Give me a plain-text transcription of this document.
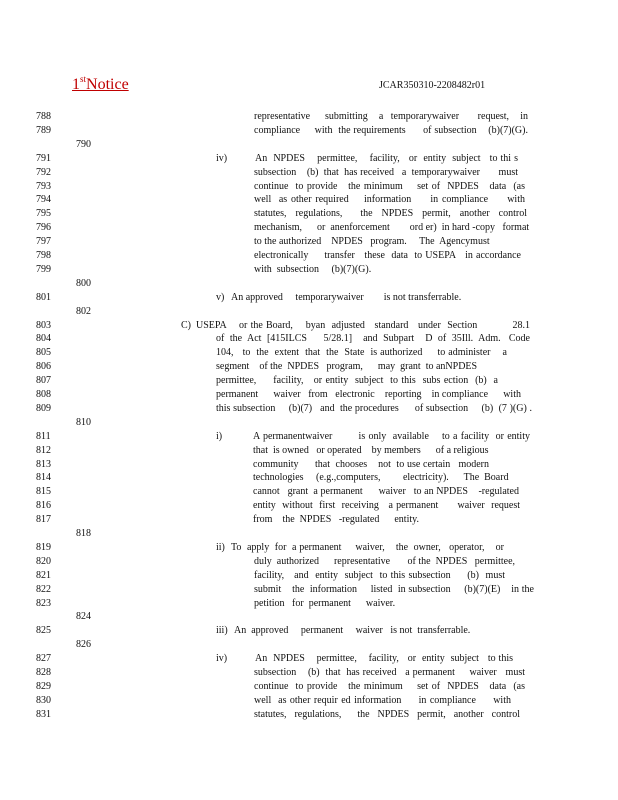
1stNotice	JCAR350310-2208482r01
788	representative    submitting   a  temporarywaiver     request,   in
789	compliance     with  the requirements      of subsection    (b)(7)(G).
790
791	iv)	An  NPDES    permittee,    facility,   or  entity  subject   to thi s
792	subsection    (b)  that  has received   a  temporarywaiver       must
793	continue  to provide   the minimum    set of  NPDES   data  (as
794	well  as other required    information     in compliance     with
795	statutes,  regulations,    the  NPDES  permit,  another  control
796	mechanism,      or  anenforcement        ord er)  in hard -copy   format
797	to the authorized    NPDES   program.     The  Agencymust
798	electronically     transfer   these  data  to USEPA   in accordance
799	with  subsection     (b)(7)(G).
800
801	v) An approved     temporarywaiver        is not transferrable.
802
803	C) USEPA    or the Board,    byan  adjusted   standard   under  Section           28.1
804	of  the  Act  [415ILCS      5/28.1]    and  Subpart    D  of  35Ill.  Adm.   Code
805	104,   to  the  extent  that  the  State  is authorized     to administer    a
806	segment    of the  NPDES   program,      may  grant  to anNPDES
807	permittee,     facility,   or entity  subject  to this  subs ection  (b)  a
808	permanent      waiver   from   electronic    reporting    in compliance      with
809	this subsection     (b)(7)   and  the procedures      of subsection     (b)  (7 )(G) .
810
811	i)	A permanentwaiver        is only  available    to a facility  or entity
812	that  is owned   or operated    by members      of a religious
813	community      that  chooses    not  to use certain   modern
814	technologies     (e.g.,computers,         electricity).      The  Board
815	cannot   grant  a permanent      waiver   to an NPDES    -regulated
816	entity  without  first  receiving   a permanent      waiver  request
817	from    the  NPDES   -regulated      entity.
818
819	ii) To  apply  for  a permanent     waiver,    the  owner,   operator,    or
820	duly  authorized      representative       of the  NPDES   permittee,
821	facility,   and  entity  subject  to this subsection     (b)  must
822	submit    the  information     listed  in subsection     (b)(7)(E)    in the
823	petition   for  permanent      waiver.
824
825	iii) An  approved     permanent     waiver   is not  transferrable.
826
827	iv)	An  NPDES    permittee,    facility,   or  entity  subject   to this
828	subsection    (b)  that  has received   a permanent     waiver   must
829	continue  to provide   the minimum    set of  NPDES   data  (as
830	well  as other requir ed information     in compliance     with
831	statutes,  regulations,    the  NPDES  permit,  another  control
